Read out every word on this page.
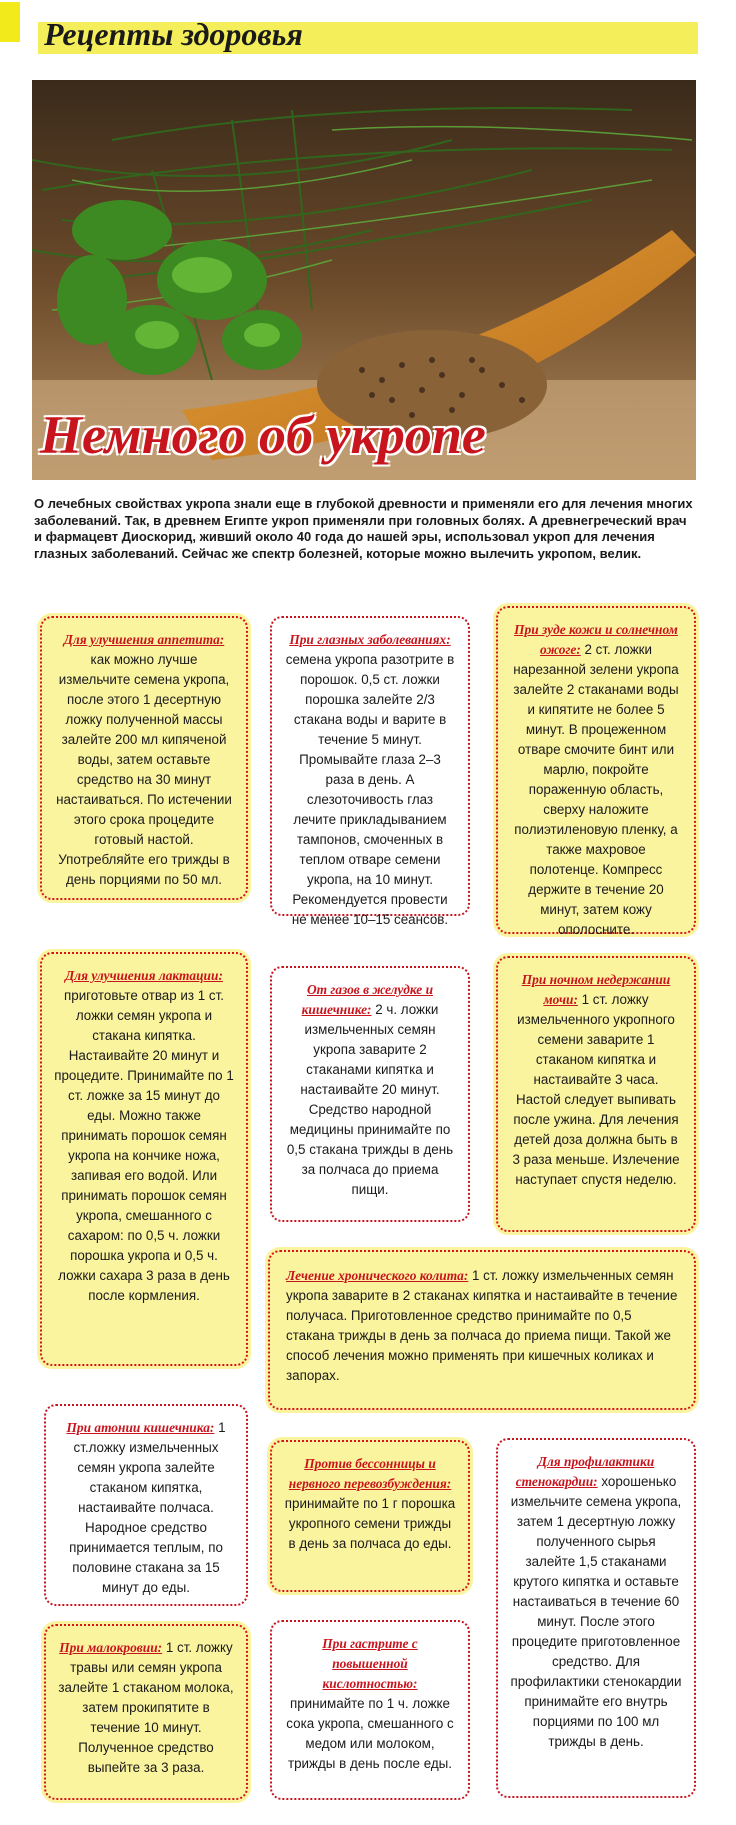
Рецепты здоровья
Немного об укропе
О лечебных свойствах укропа знали еще в глубокой древности и применяли его для лечения многих заболеваний. Так, в древнем Египте укроп применяли при головных болях. А древнегреческий врач и фармацевт Диоскорид, живший около 40 года до нашей эры, использовал укроп для лечения глазных заболеваний. Сейчас же спектр болезней, которые можно вылечить укропом, велик.
Для улучшения аппетита: как можно лучше измельчите семена укропа, после этого 1 десертную ложку полученной массы залейте 200 мл кипяченой воды, затем оставьте средство на 30 минут настаиваться. По истечении этого срока процедите готовый настой. Употребляйте его трижды в день порциями по 50 мл.
При глазных заболеваниях: семена укропа разотрите в порошок. 0,5 ст. ложки порошка залейте 2/3 стакана воды и варите в течение 5 минут. Промывайте глаза 2–3 раза в день. А слезоточивость глаз лечите прикладыванием тампонов, смоченных в теплом отваре семени укропа, на 10 минут. Рекомендуется провести не менее 10–15 сеансов.
При зуде кожи и солнечном ожоге: 2 ст. ложки нарезанной зелени укропа залейте 2 стаканами воды и кипятите не более 5 минут. В процеженном отваре смочите бинт или марлю, покройте пораженную область, сверху наложите полиэтиленовую пленку, а также махровое полотенце. Компресс держите в течение 20 минут, затем кожу ополосните.
Для улучшения лактации: приготовьте отвар из 1 ст. ложки семян укропа и стакана кипятка. Настаивайте 20 минут и процедите. Принимайте по 1 ст. ложке за 15 минут до еды. Можно также принимать порошок семян укропа на кончике ножа, запивая его водой. Или принимать порошок семян укропа, смешанного с сахаром: по 0,5 ч. ложки порошка укропа и 0,5 ч. ложки сахара 3 раза в день после кормления.
От газов в желудке и кишечнике: 2 ч. ложки измельченных семян укропа заварите 2 стаканами кипятка и настаивайте 20 минут. Средство народной медицины принимайте по 0,5 стакана трижды в день за полчаса до приема пищи.
При ночном недержании мочи: 1 ст. ложку измельченного укропного семени заварите 1 стаканом кипятка и настаивайте 3 часа. Настой следует выпивать после ужина. Для лечения детей доза должна быть в 3 раза меньше. Излечение наступает спустя неделю.
Лечение хронического колита: 1 ст. ложку измельченных семян укропа заварите в 2 стаканах кипятка и настаивайте в течение получаса. Приготовленное средство принимайте по 0,5 стакана трижды в день за полчаса до приема пищи. Такой же способ лечения можно применять при кишечных коликах и запорах.
При атонии кишечника: 1 ст.ложку измельченных семян укропа залейте стаканом кипятка, настаивайте полчаса. Народное средство принимается теплым, по половине стакана за 15 минут до еды.
Против бессонницы и нервного перевозбуждения: принимайте по 1 г порошка укропного семени трижды в день за полчаса до еды.
Для профилактики стенокардии: хорошенько измельчите семена укропа, затем 1 десертную ложку полученного сырья залейте 1,5 стаканами крутого кипятка и оставьте настаиваться в течение 60 минут. После этого процедите приготовленное средство. Для профилактики стенокардии принимайте его внутрь порциями по 100 мл трижды в день.
При малокровии: 1 ст. ложку травы или семян укропа залейте 1 стаканом молока, затем прокипятите в течение 10 минут. Полученное средство выпейте за 3 раза.
При гастрите с повышенной кислотностью: принимайте по 1 ч. ложке сока укропа, смешанного с медом или молоком, трижды в день после еды.
